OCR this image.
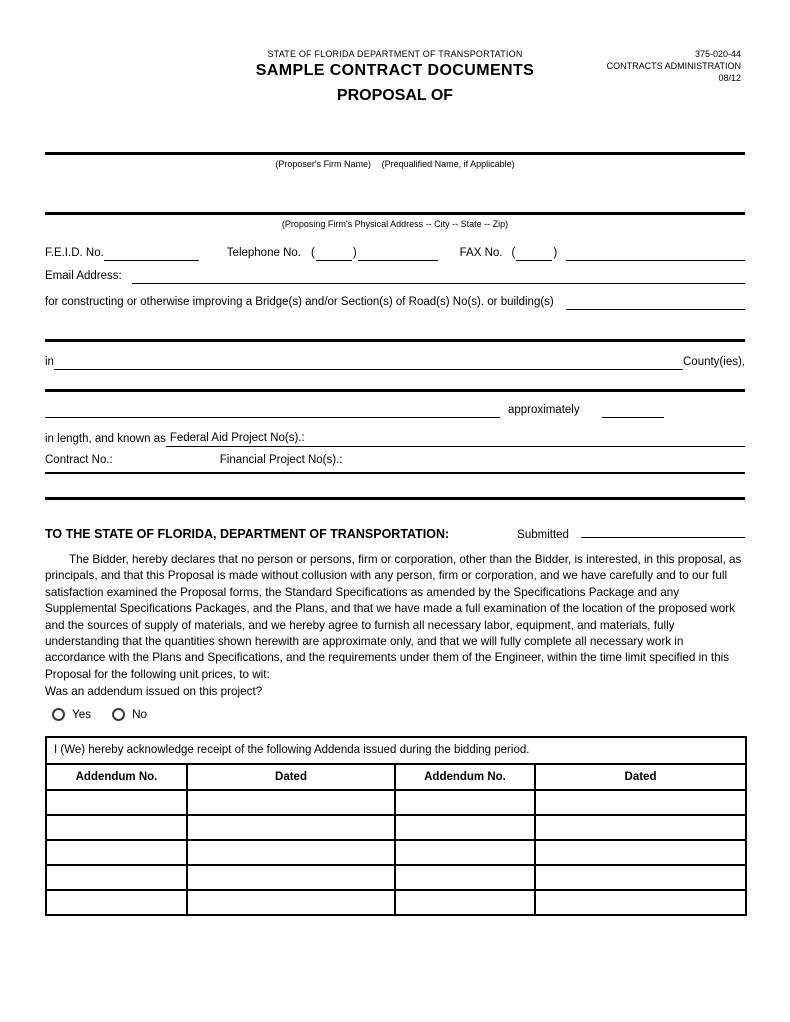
STATE OF FLORIDA DEPARTMENT OF TRANSPORTATION
SAMPLE CONTRACT DOCUMENTS
PROPOSAL OF
375-020-44
CONTRACTS ADMINISTRATION
08/12
(Proposer's Firm Name) (Prequalified Name, if Applicable)
(Proposing Firm's Physical Address -- City -- State -- Zip)
F.E.I.D. No.	Telephone No. (	)	FAX No. (	)
Email Address:
for constructing or otherwise improving a Bridge(s) and/or Section(s) of Road(s) No(s). or building(s)
in	County(ies),
approximately
in length, and known as Federal Aid Project No(s).:
Contract No.:	Financial Project No(s).:
TO THE STATE OF FLORIDA, DEPARTMENT OF TRANSPORTATION:	Submitted
The Bidder, hereby declares that no person or persons, firm or corporation, other than the Bidder, is interested, in this proposal, as principals, and that this Proposal is made without collusion with any person, firm or corporation, and we have carefully and to our full satisfaction examined the Proposal forms, the Standard Specifications as amended by the Specifications Package and any Supplemental Specifications Packages, and the Plans, and that we have made a full examination of the location of the proposed work and the sources of supply of materials, and we hereby agree to furnish all necessary labor, equipment, and materials, fully understanding that the quantities shown herewith are approximate only, and that we will fully complete all necessary work in accordance with the Plans and Specifications, and the requirements under them of the Engineer, within the time limit specified in this Proposal for the following unit prices, to wit:
Was an addendum issued on this project?
Yes	No
I (We) hereby acknowledge receipt of the following Addenda issued during the bidding period.			
Addendum No.	Dated	Addendum No.	Dated
